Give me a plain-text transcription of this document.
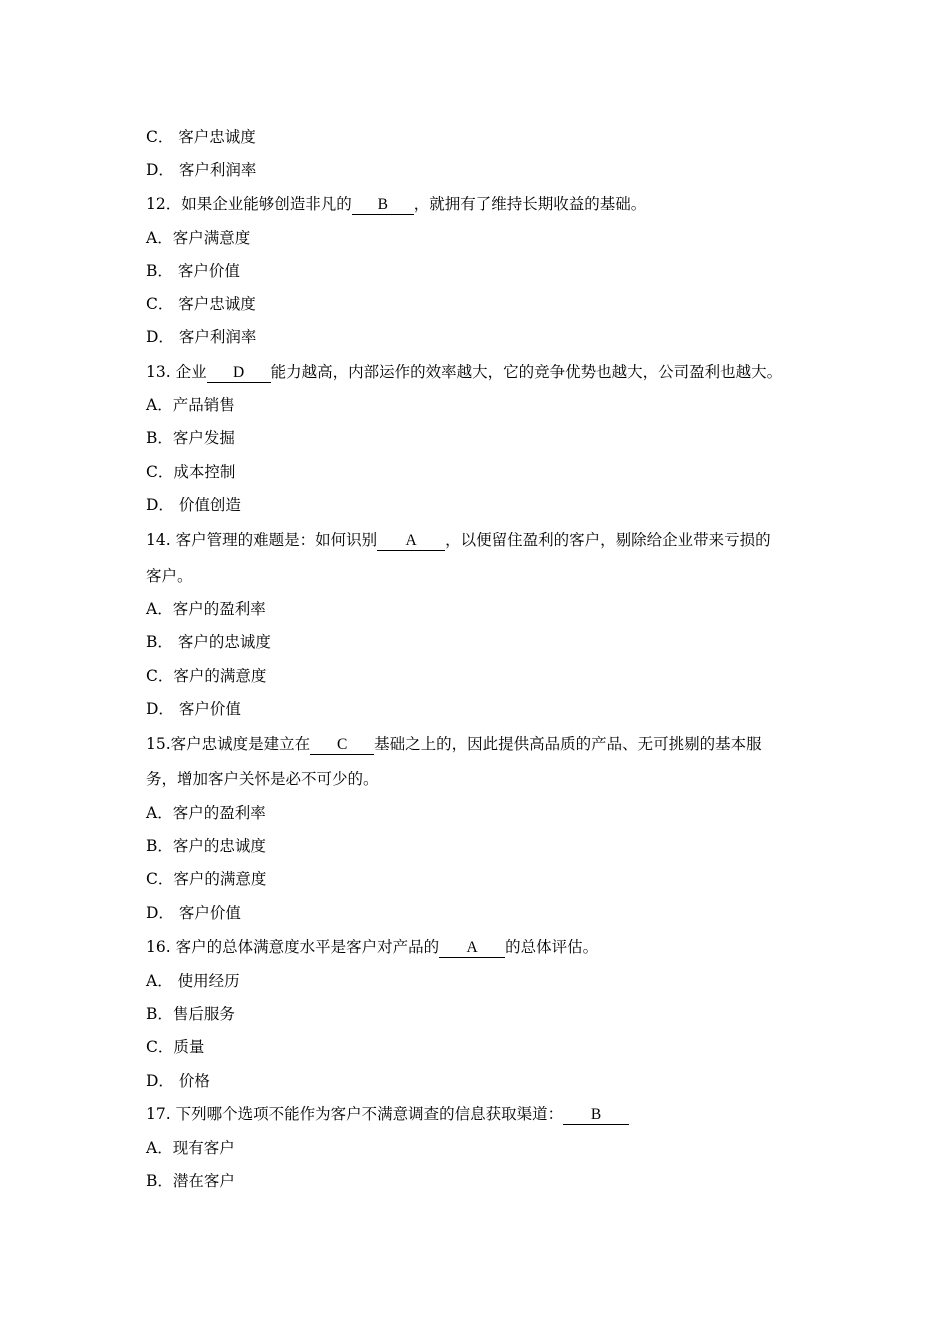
C． 客户忠诚度
D． 客户利润率
12．如果企业能够创造非凡的 B ，就拥有了维持长期收益的基础。
A．客户满意度
B． 客户价值
C． 客户忠诚度
D． 客户利润率
13. 企业 D 能力越高，内部运作的效率越大，它的竞争优势也越大，公司盈利也越大。
A．产品销售
B．客户发掘
C．成本控制
D． 价值创造
14. 客户管理的难题是：如何识别 A ，以便留住盈利的客户，剔除给企业带来亏损的
客户。
A．客户的盈利率
B． 客户的忠诚度
C．客户的满意度
D． 客户价值
15.客户忠诚度是建立在 C 基础之上的，因此提供高品质的产品、无可挑剔的基本服
务，增加客户关怀是必不可少的。
A．客户的盈利率
B．客户的忠诚度
C．客户的满意度
D． 客户价值
16. 客户的总体满意度水平是客户对产品的 A 的总体评估。
A． 使用经历
B．售后服务
C．质量
D． 价格
17. 下列哪个选项不能作为客户不满意调查的信息获取渠道： B
A．现有客户
B．潜在客户
